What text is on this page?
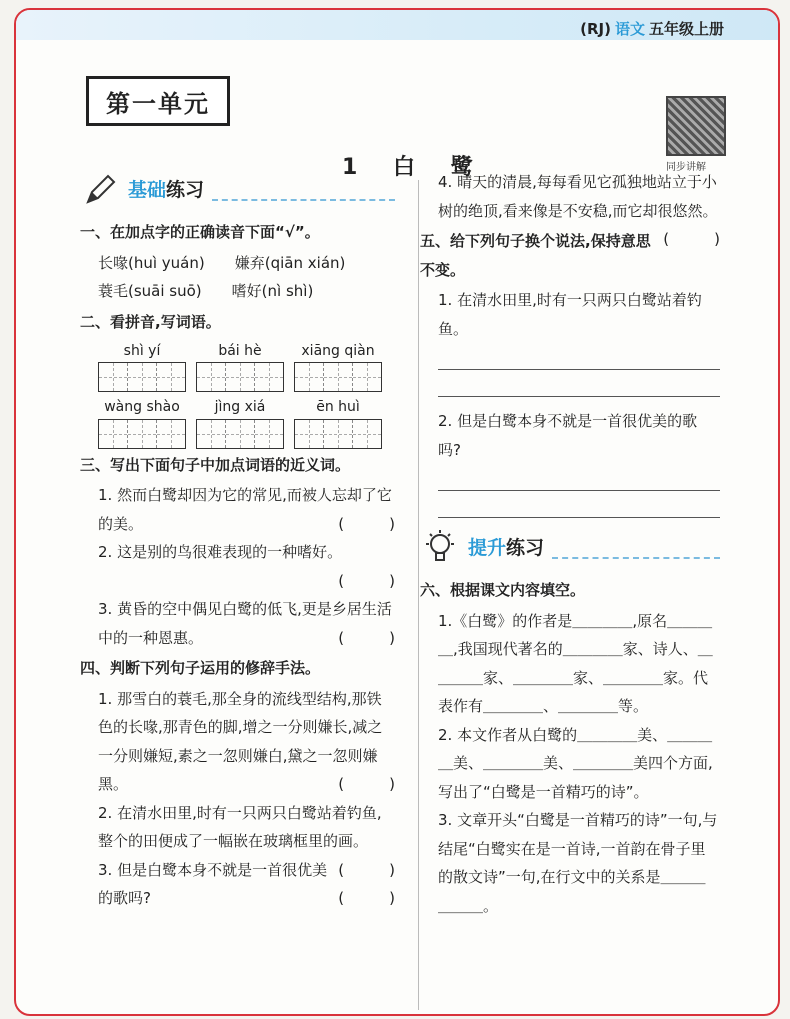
(RJ) 语文 五年级上册
第一单元
1 白 鹭	同步讲解
基础练习
一、在加点字的正确读音下面“√”。
长喙(huì yuán)　　 嫌弃(qiān xián)
蓑毛(suāi suō)　　 嗜好(nì shì)
二、看拼音,写词语。
shì yí	bái hè	xiāng qiàn
wàng shào jìng xiá	ēn huì
三、写出下面句子中加点词语的近义词。
1. 然而白鹭却因为它的常见,而被人忘却了它的美。	(　　　)
2. 这是别的鸟很难表现的一种嗜好。

(　　　)

3. 黄昏的空中偶见白鹭的低飞,更是乡居生活中的一种恩惠。	(　　　)
四、判断下列句子运用的修辞手法。
1. 那雪白的蓑毛,那全身的流线型结构,那铁色的长喙,那青色的脚,增之一分则嫌长,减之一分则嫌短,素之一忽则嫌白,黛之一忽则嫌黑。	(　　　)
2. 在清水田里,时有一只两只白鹭站着钓鱼,整个的田便成了一幅嵌在玻璃框里的画。
(　　　)
3. 但是白鹭本身不就是一首很优美的歌吗?	(　　　)
4. 晴天的清晨,每每看见它孤独地站立于小树的绝顶,看来像是不安稳,而它却很悠然。
(　　　)
五、给下列句子换个说法,保持意思不变。
1. 在清水田里,时有一只两只白鹭站着钓鱼。
2. 但是白鹭本身不就是一首很优美的歌吗?
提升练习
六、根据课文内容填空。
1.《白鹭》的作者是＿＿＿＿,原名＿＿＿＿,我国现代著名的＿＿＿＿家、诗人、＿＿＿＿家、＿＿＿＿家、＿＿＿＿家。代表作有＿＿＿＿、＿＿＿＿等。
2. 本文作者从白鹭的＿＿＿＿美、＿＿＿＿美、＿＿＿＿美、＿＿＿＿美四个方面,写出了“白鹭是一首精巧的诗”。
3. 文章开头“白鹭是一首精巧的诗”一句,与结尾“白鹭实在是一首诗,一首韵在骨子里的散文诗”一句,在行文中的关系是＿＿＿＿＿＿。
